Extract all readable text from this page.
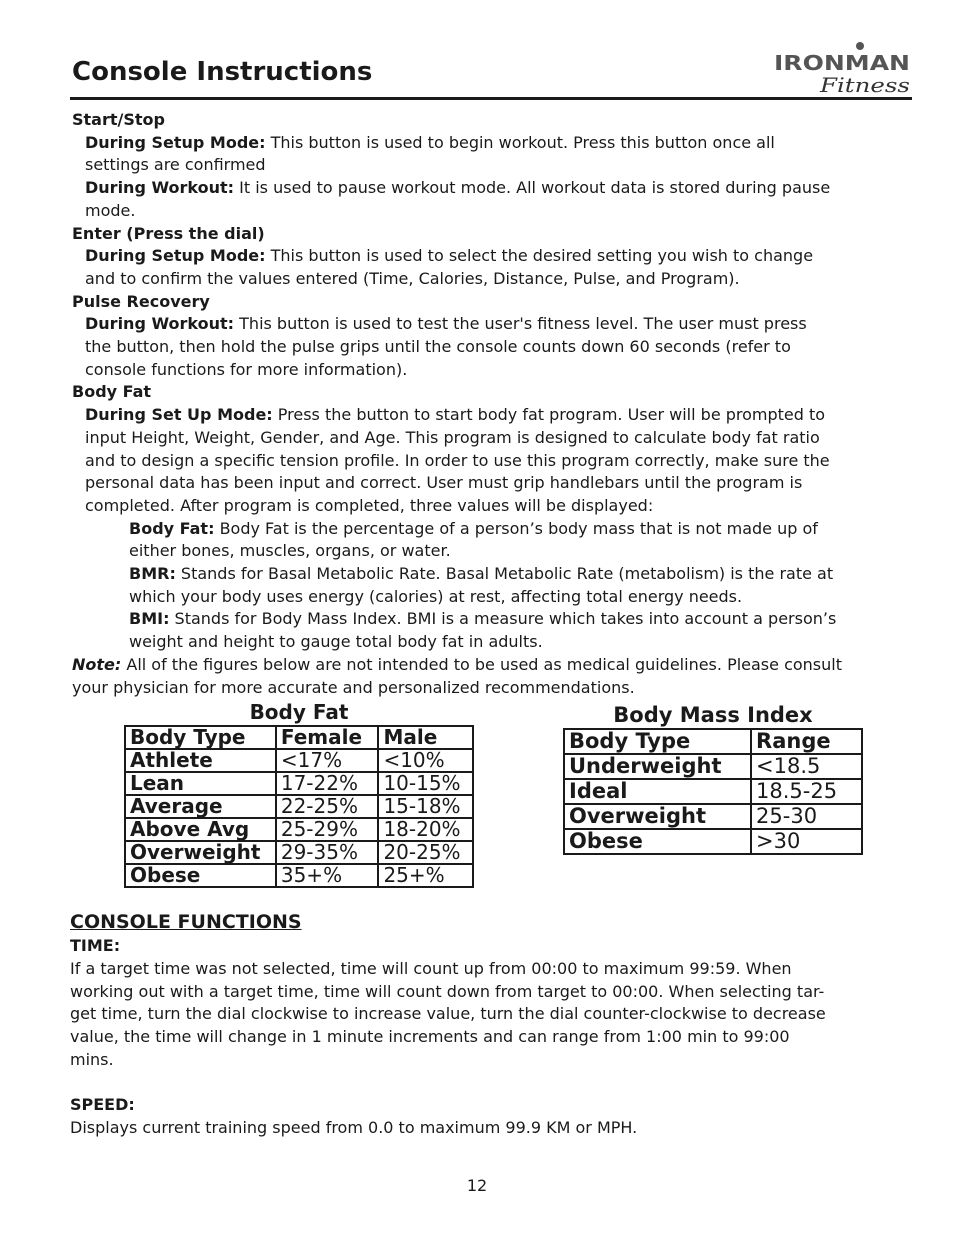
Console Instructions	IRONMAN
Fitness
Start/Stop
During Setup Mode: This button is used to begin workout. Press this button once all
settings are confirmed
During Workout: It is used to pause workout mode. All workout data is stored during pause
mode.
Enter (Press the dial)
During Setup Mode: This button is used to select the desired setting you wish to change
and to confirm the values entered (Time, Calories, Distance, Pulse, and Program).
Pulse Recovery
During Workout: This button is used to test the user's fitness level. The user must press
the button, then hold the pulse grips until the console counts down 60 seconds (refer to
console functions for more information).
Body Fat
During Set Up Mode: Press the button to start body fat program. User will be prompted to
input Height, Weight, Gender, and Age. This program is designed to calculate body fat ratio
and to design a specific tension profile. In order to use this program correctly, make sure the
personal data has been input and correct. User must grip handlebars until the program is
completed. After program is completed, three values will be displayed:
Body Fat: Body Fat is the percentage of a person’s body mass that is not made up of
either bones, muscles, organs, or water.
BMR: Stands for Basal Metabolic Rate. Basal Metabolic Rate (metabolism) is the rate at
which your body uses energy (calories) at rest, affecting total energy needs.
BMI: Stands for Body Mass Index. BMI is a measure which takes into account a person’s
weight and height to gauge total body fat in adults.
Note: All of the figures below are not intended to be used as medical guidelines. Please consult
your physician for more accurate and personalized recommendations.
Body Fat
Body Type	Female	Male
Athlete	<17%	<10%
Lean	17-22%	10-15%
Average	22-25%	15-18%
Above Avg	25-29%	18-20%
Overweight	29-35%	20-25%
Obese	35+%	25+%
Body Mass Index
Body Type	Range
Underweight	<18.5
Ideal	18.5-25
Overweight	25-30
Obese	>30
CONSOLE FUNCTIONS
TIME:
If a target time was not selected, time will count up from 00:00 to maximum 99:59. When
working out with a target time, time will count down from target to 00:00. When selecting tar-
get time, turn the dial clockwise to increase value, turn the dial counter-clockwise to decrease
value, the time will change in 1 minute increments and can range from 1:00 min to 99:00
mins.
SPEED:
Displays current training speed from 0.0 to maximum 99.9 KM or MPH.
12
